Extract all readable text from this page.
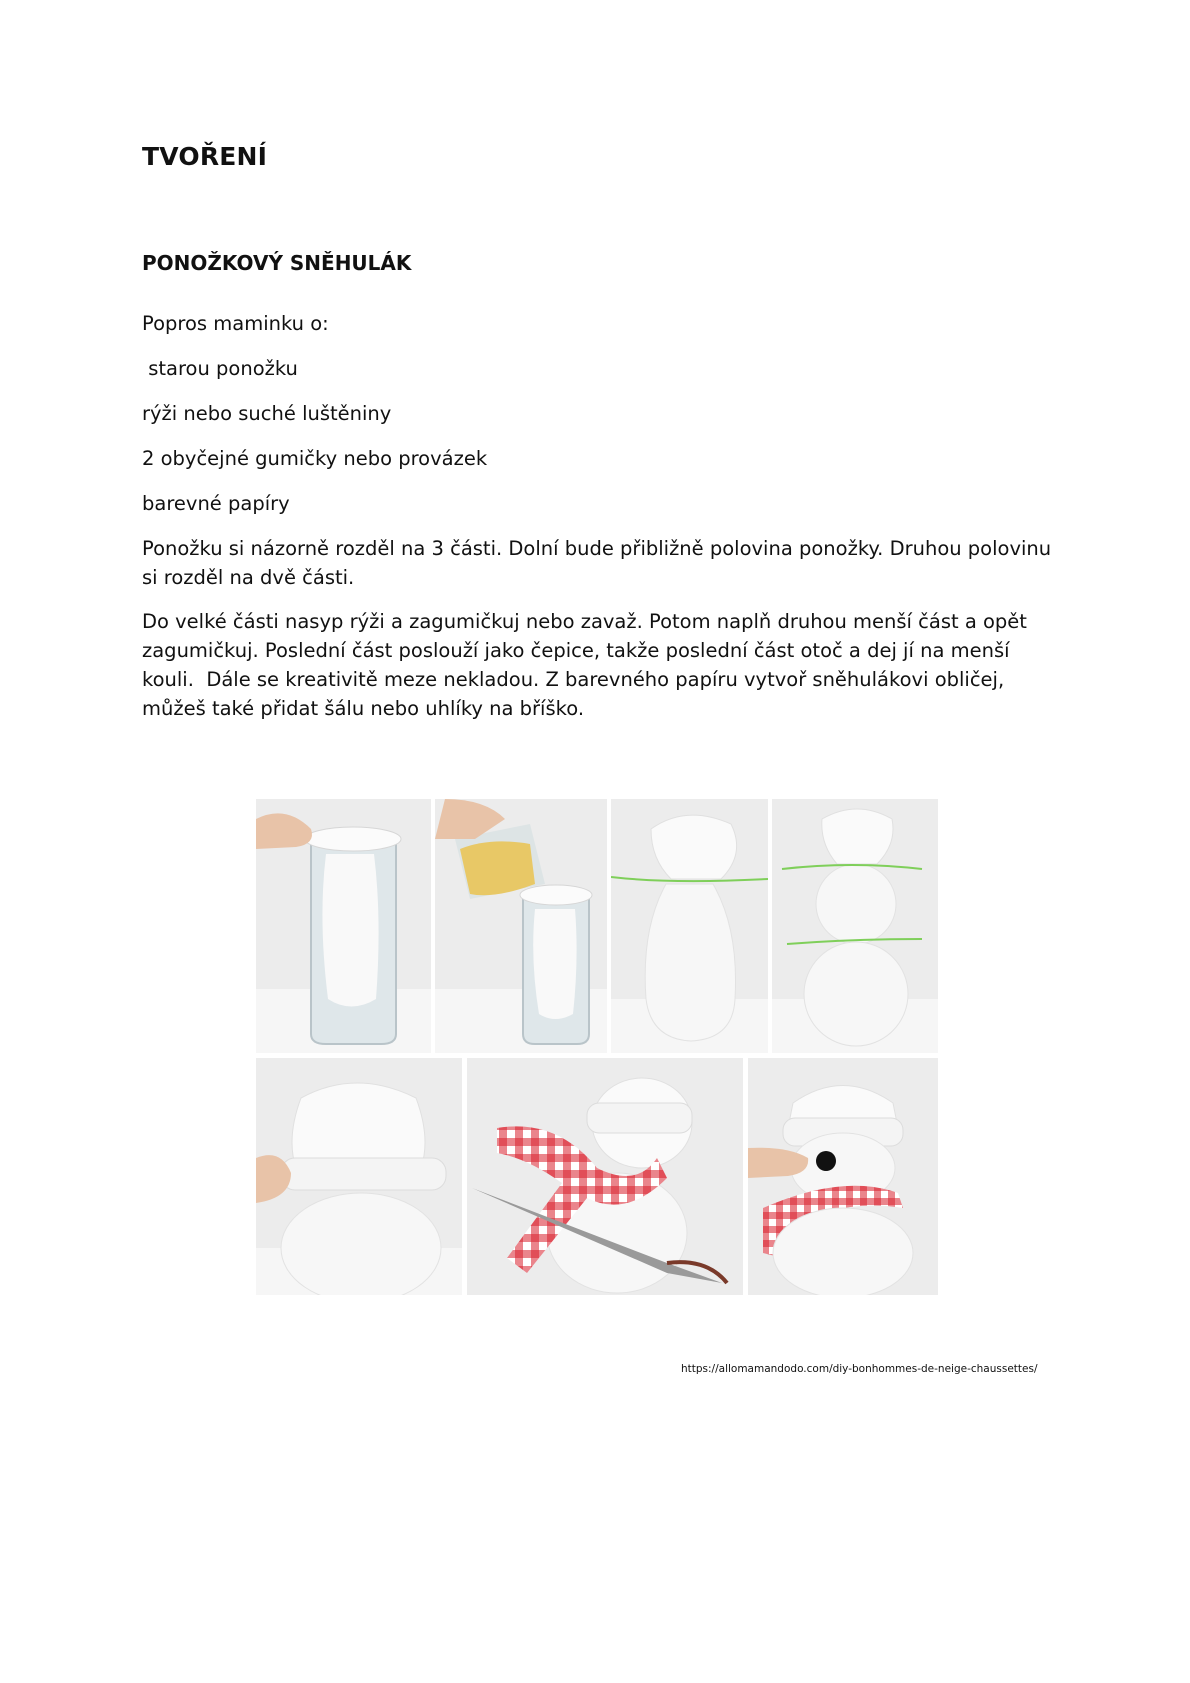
TVOŘENÍ
PONOŽKOVÝ SNĚHULÁK
Popros maminku o:
starou ponožku
rýži nebo suché luštěniny
2 obyčejné gumičky nebo provázek
barevné papíry
Ponožku si názorně rozděl na 3 části. Dolní bude přibližně polovina ponožky. Druhou polovinu si rozděl na dvě části.
Do velké části nasyp rýži a zagumičkuj nebo zavaž. Potom naplň druhou menší část a opět zagumičkuj. Poslední část poslouží jako čepice, takže poslední část otoč a dej jí na menší kouli.  Dále se kreativitě meze nekladou. Z barevného papíru vytvoř sněhulákovi obličej, můžeš také přidat šálu nebo uhlíky na bříško.
https://allomamandodo.com/diy-bonhommes-de-neige-chaussettes/
